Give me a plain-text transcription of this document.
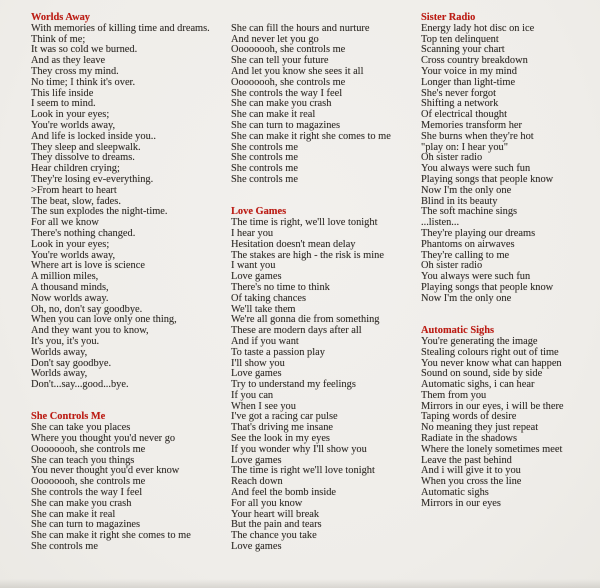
Worlds Away
With memories of killing time and dreams.
Think of me;
It was so cold we burned.
And as they leave
They cross my mind.
No time; I think it's over.
This life inside
I seem to mind.
Look in your eyes;
You're worlds away,
And life is locked inside you..
They sleep and sleepwalk.
They dissolve to dreams.
Hear children crying;
They're losing ev-everything.
>From heart to heart
The beat, slow, fades.
The sun explodes the night-time.
For all we know
There's nothing changed.
Look in your eyes;
You're worlds away,
Where art is love is science
A million miles,
A thousand minds,
Now worlds away.
Oh, no, don't say goodbye.
When you can love only one thing,
And they want you to know,
It's you, it's you.
Worlds away,
Don't say goodbye.
Worlds away,
Don't...say...good...bye.
She Controls Me
She can take you places
Where you thought you'd never go
Oooooooh, she controls me
She can teach you things
You never thought you'd ever know
Oooooooh, she controls me
She controls the way I feel
She can make you crash
She can make it real
She can turn to magazines
She can make it right she comes to me
She controls me
She can fill the hours and nurture
And never let you go
Oooooooh, she controls me
She can tell your future
And let you know she sees it all
Oooooooh, she controls me
She controls the way I feel
She can make you crash
She can make it real
She can turn to magazines
She can make it right she comes to me
She controls me
She controls me
She controls me
She controls me
Love Games
The time is right, we'll love tonight
I hear you
Hesitation doesn't mean delay
The stakes are high - the risk is mine
I want you
Love games
There's no time to think
Of taking chances
We'll take them
We're all gonna die from something
These are modern days after all
And if you want
To taste a passion play
I'll show you
Love games
Try to understand my feelings
If you can
When I see you
I've got a racing car pulse
That's driving me insane
See the look in my eyes
If you wonder why I'll show you
Love games
The time is right we'll love tonight
Reach down
And feel the bomb inside
For all you know
Your heart will break
But the pain and tears
The chance you take
Love games
Sister Radio
Energy lady hot disc on ice
Top ten delinquent
Scanning your chart
Cross country breakdown
Your voice in my mind
Longer than light-time
She's never forgot
Shifting a network
Of electrical thought
Memories transform her
She burns when they're hot
"play on: I hear you"
Oh sister radio
You always were such fun
Playing songs that people know
Now I'm the only one
Blind in its beauty
The soft machine sings
...listen...
They're playing our dreams
Phantoms on airwaves
They're calling to me
Oh sister radio
You always were such fun
Playing songs that people know
Now I'm the only one
Automatic Sighs
You're generating the image
Stealing colours right out of time
You never know what can happen
Sound on sound, side by side
Automatic sighs, i can hear
Them from you
Mirrors in our eyes, i will be there
Taping words of desire
No meaning they just repeat
Radiate in the shadows
Where the lonely sometimes meet
Leave the past behind
And i will give it to you
When you cross the line
Automatic sighs
Mirrors in our eyes
